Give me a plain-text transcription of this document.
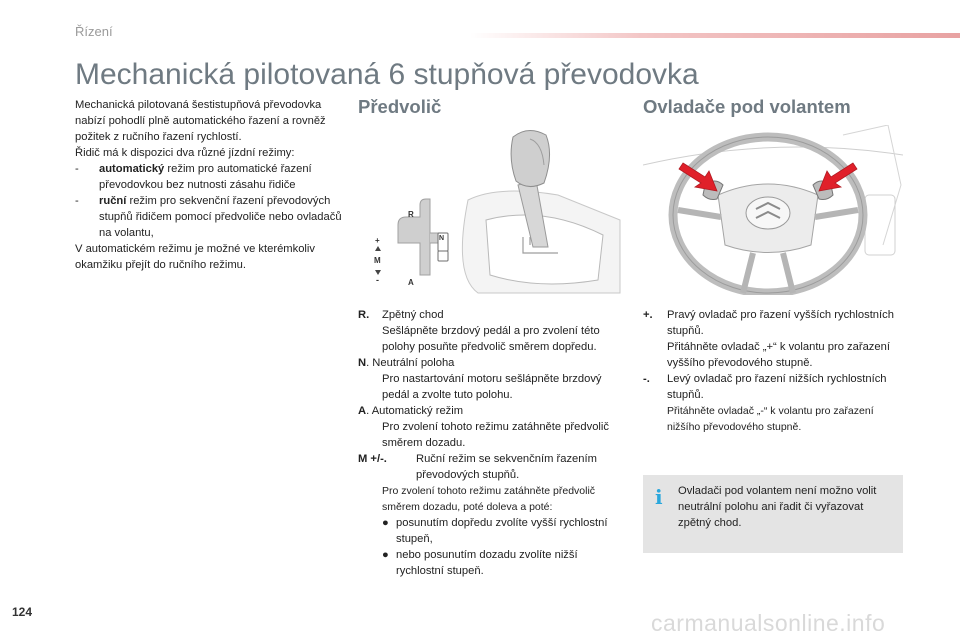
Řízení
Mechanická pilotovaná 6 stupňová převodovka

Mechanická pilotovaná šestistupňová převodovka nabízí pohodlí plně automatického řazení a rovněž požitek z ručního řazení rychlostí.

Řidič má k dispozici dva různé jízdní režimy:

-	automatický režim pro automatické řazení převodovkou bez nutnosti zásahu řidiče
-	ruční režim pro sekvenční řazení převodových stupňů řidičem pomocí předvoliče nebo ovladačů na volantu,

V automatickém režimu je možné ve kterémkoliv okamžiku přejít do ručního režimu.

Předvolič
R
N
A
M
+
-
R.	Zpětný chod
Sešlápněte brzdový pedál a pro zvolení této polohy posuňte předvolič směrem dopředu.
N . Neutrální poloha
Pro nastartování motoru sešlápněte brzdový pedál a zvolte tuto polohu.
A . Automatický režim
Pro zvolení tohoto režimu zatáhněte předvolič směrem dozadu.
M +/-.	Ruční režim se sekvenčním řazením převodových stupňů.
Pro zvolení tohoto režimu zatáhněte předvolič směrem dozadu, poté doleva a poté:
● posunutím dopředu zvolíte vyšší rychlostní stupeň,
● nebo posunutím dozadu zvolíte nižší rychlostní stupeň.
Ovladače pod volantem
+.	Pravý ovladač pro řazení vyšších rychlostních stupňů.
Přitáhněte ovladač „+“ k volantu pro zařazení vyššího převodového stupně.
-.	Levý ovladač pro řazení nižších rychlostních stupňů.
Přitáhněte ovladač „-“ k volantu pro zařazení nižšího převodového stupně.
i	Ovladači pod volantem není možno volit neutrální polohu ani řadit či vyřazovat zpětný chod.
124	carmanualsonline.info
